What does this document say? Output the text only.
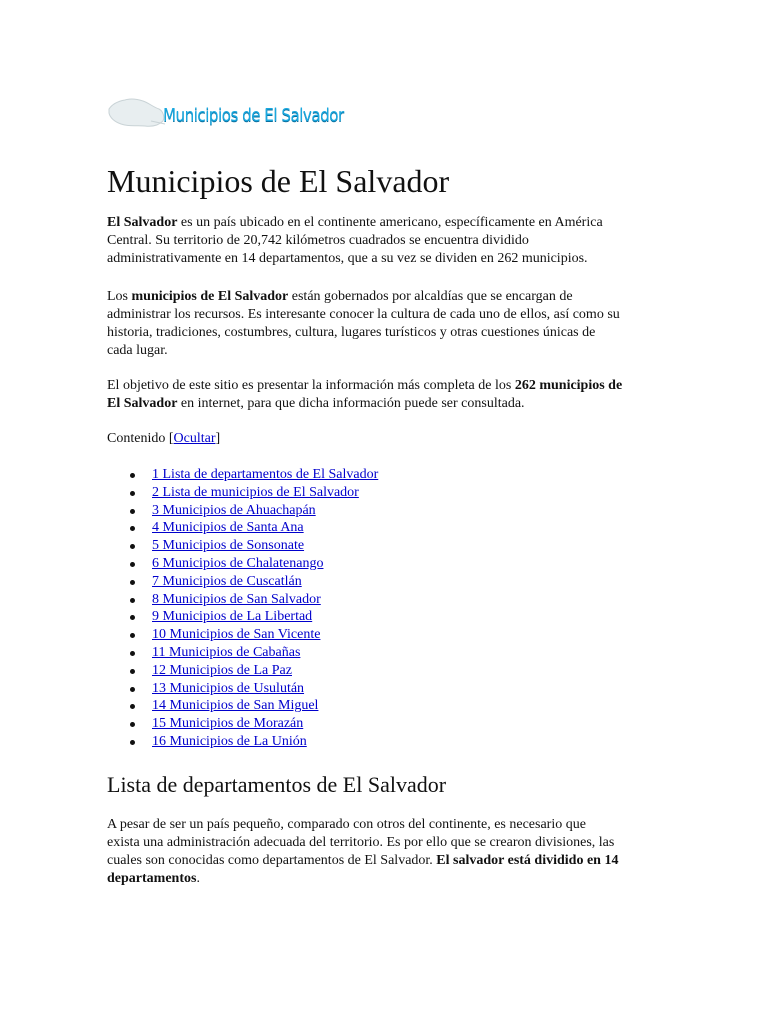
Municipios de El Salvador
Municipios de El Salvador

El Salvador es un país ubicado en el continente americano, específicamente en América
Central. Su territorio de 20,742 kilómetros cuadrados se encuentra dividido
administrativamente en 14 departamentos, que a su vez se dividen en 262 municipios.

Los municipios de El Salvador están gobernados por alcaldías que se encargan de
administrar los recursos. Es interesante conocer la cultura de cada uno de ellos, así como su
historia, tradiciones, costumbres, cultura, lugares turísticos y otras cuestiones únicas de
cada lugar.

El objetivo de este sitio es presentar la información más completa de los 262 municipios de
El Salvador en internet, para que dicha información puede ser consultada.

Contenido [Ocultar]

1 Lista de departamentos de El Salvador
2 Lista de municipios de El Salvador
3 Municipios de Ahuachapán
4 Municipios de Santa Ana
5 Municipios de Sonsonate
6 Municipios de Chalatenango
7 Municipios de Cuscatlán
8 Municipios de San Salvador
9 Municipios de La Libertad
10 Municipios de San Vicente
11 Municipios de Cabañas
12 Municipios de La Paz
13 Municipios de Usulután
14 Municipios de San Miguel
15 Municipios de Morazán
16 Municipios de La Unión
Lista de departamentos de El Salvador

A pesar de ser un país pequeño, comparado con otros del continente, es necesario que
exista una administración adecuada del territorio. Es por ello que se crearon divisiones, las
cuales son conocidas como departamentos de El Salvador. El salvador está dividido en 14
departamentos.
